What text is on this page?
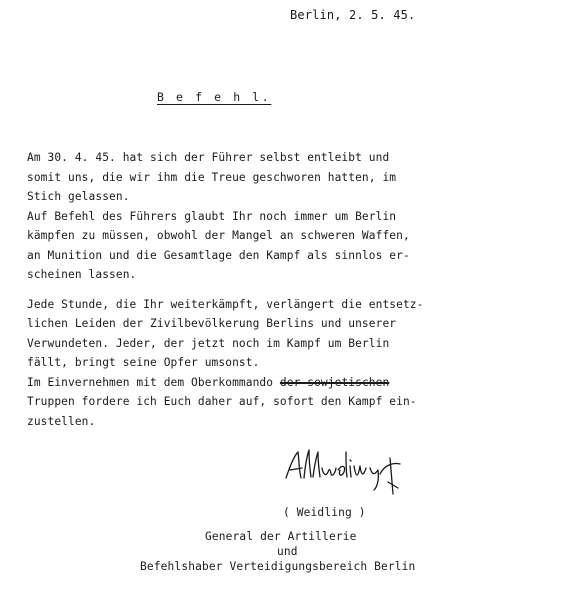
Berlin, 2. 5. 45.
B e f e h l.
Am 30. 4. 45. hat sich der Führer selbst entleibt und
somit uns, die wir ihm die Treue geschworen hatten, im
Stich gelassen.
Auf Befehl des Führers glaubt Ihr noch immer um Berlin
kämpfen zu müssen, obwohl der Mangel an schweren Waffen,
an Munition und die Gesamtlage den Kampf als sinnlos er-
scheinen lassen.
Jede Stunde, die Ihr weiterkämpft, verlängert die entsetz-
lichen Leiden der Zivilbevölkerung Berlins und unserer
Verwundeten. Jeder, der jetzt noch im Kampf um Berlin
fällt, bringt seine Opfer umsonst.
Im Einvernehmen mit dem Oberkommando der sowjetischen
Truppen fordere ich Euch daher auf, sofort den Kampf ein-
zustellen.
( Weidling )
General der Artillerie
und
Befehlshaber Verteidigungsbereich Berlin
